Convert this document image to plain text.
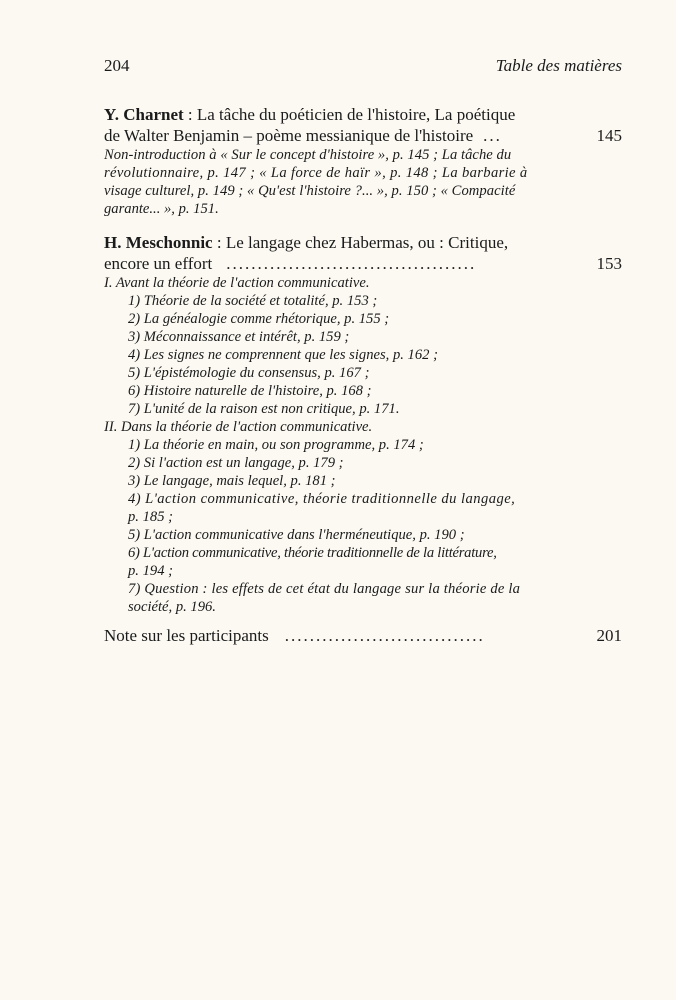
204	Table des matières
Y. Charnet : La tâche du poéticien de l'histoire, La poétique
de Walter Benjamin – poème messianique de l'histoire ...	145

Non-introduction à « Sur le concept d'histoire », p. 145 ; La tâche du

révolutionnaire, p. 147 ; « La force de haïr », p. 148 ; La barbarie à

visage culturel, p. 149 ; « Qu'est l'histoire ?... », p. 150 ; « Compacité

garante... », p. 151.

H. Meschonnic : Le langage chez Habermas, ou : Critique,
encore un effort ........................................	153

I. Avant la théorie de l'action communicative.

1) Théorie de la société et totalité, p. 153 ;

2) La généalogie comme rhétorique, p. 155 ;

3) Méconnaissance et intérêt, p. 159 ;

4) Les signes ne comprennent que les signes, p. 162 ;

5) L'épistémologie du consensus, p. 167 ;

6) Histoire naturelle de l'histoire, p. 168 ;

7) L'unité de la raison est non critique, p. 171.

II. Dans la théorie de l'action communicative.

1) La théorie en main, ou son programme, p. 174 ;

2) Si l'action est un langage, p. 179 ;

3) Le langage, mais lequel, p. 181 ;

4) L'action communicative, théorie traditionnelle du langage,

p. 185 ;

5) L'action communicative dans l'herméneutique, p. 190 ;

6) L'action communicative, théorie traditionnelle de la littérature,

p. 194 ;

7) Question : les effets de cet état du langage sur la théorie de la

société, p. 196.

Note sur les participants ................................	201
